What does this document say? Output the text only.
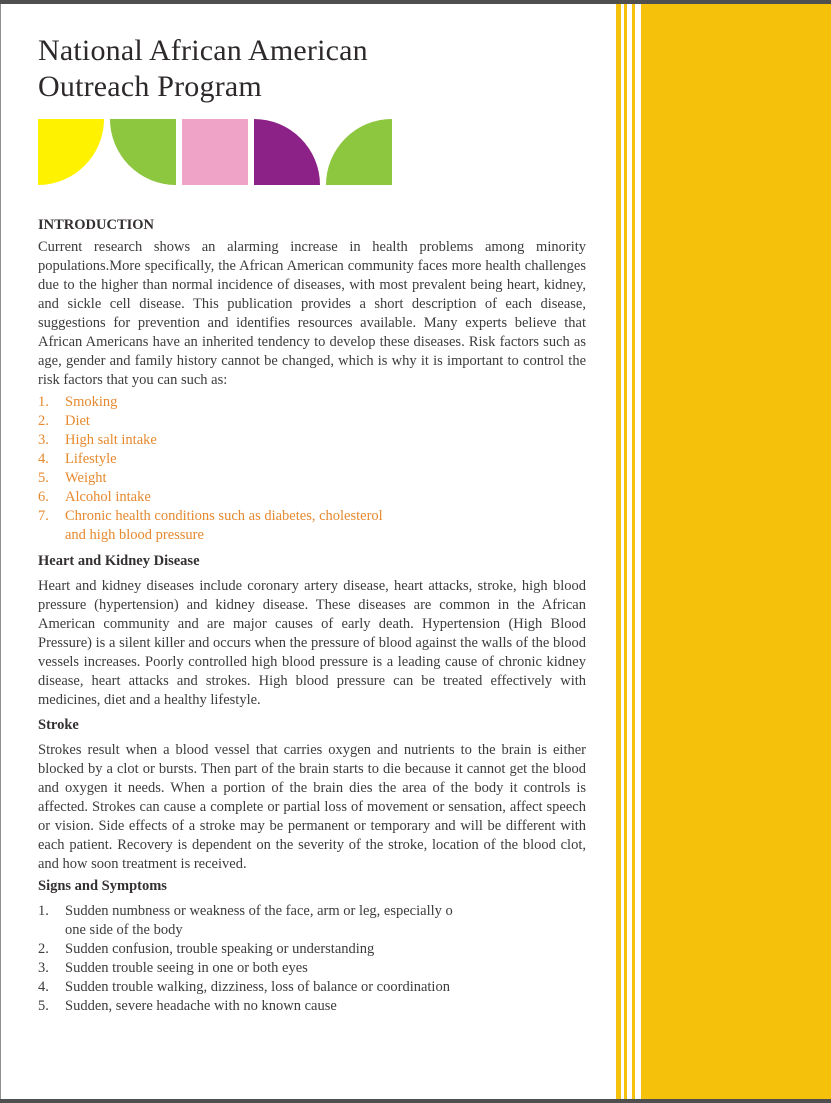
National African American
Outreach Program
INTRODUCTION

Current research shows an alarming increase in health problems among minority populations.More specifically, the African American community faces more health challenges due to the higher than normal incidence of diseases, with most prevalent being heart, kidney, and sickle cell disease. This publication provides a short description of each disease, suggestions for prevention and identifies resources available. Many experts believe that African Americans have an inherited tendency to develop these diseases. Risk factors such as age, gender and family history cannot be changed, which is why it is important to control the risk factors that you can such as:

1.	Smoking
2.	Diet
3.	High salt intake
4.	Lifestyle
5.	Weight
6.	Alcohol intake
7.	Chronic health conditions such as diabetes, cholesterol
and high blood pressure
Heart and Kidney Disease

Heart and kidney diseases include coronary artery disease, heart attacks, stroke, high blood pressure (hypertension) and kidney disease. These diseases are common in the African American community and are major causes of early death. Hypertension (High Blood Pressure) is a silent killer and occurs when the pressure of blood against the walls of the blood vessels increases. Poorly controlled high blood pressure is a leading cause of chronic kidney disease, heart attacks and strokes. High blood pressure can be treated effectively with medicines, diet and a healthy lifestyle.

Stroke

Strokes result when a blood vessel that carries oxygen and nutrients to the brain is either blocked by a clot or bursts. Then part of the brain starts to die because it cannot get the blood and oxygen it needs. When a portion of the brain dies the area of the body it controls is affected. Strokes can cause a complete or partial loss of movement or sensation, affect speech or vision. Side effects of a stroke may be permanent or temporary and will be different with each patient. Recovery is dependent on the severity of the stroke, location of the blood clot, and how soon treatment is received.

Signs and Symptoms
1.	Sudden numbness or weakness of the face, arm or leg, especially o
one side of the body
2.	Sudden confusion, trouble speaking or understanding
3.	Sudden trouble seeing in one or both eyes
4.	Sudden trouble walking, dizziness, loss of balance or coordination
5.	Sudden, severe headache with no known cause
